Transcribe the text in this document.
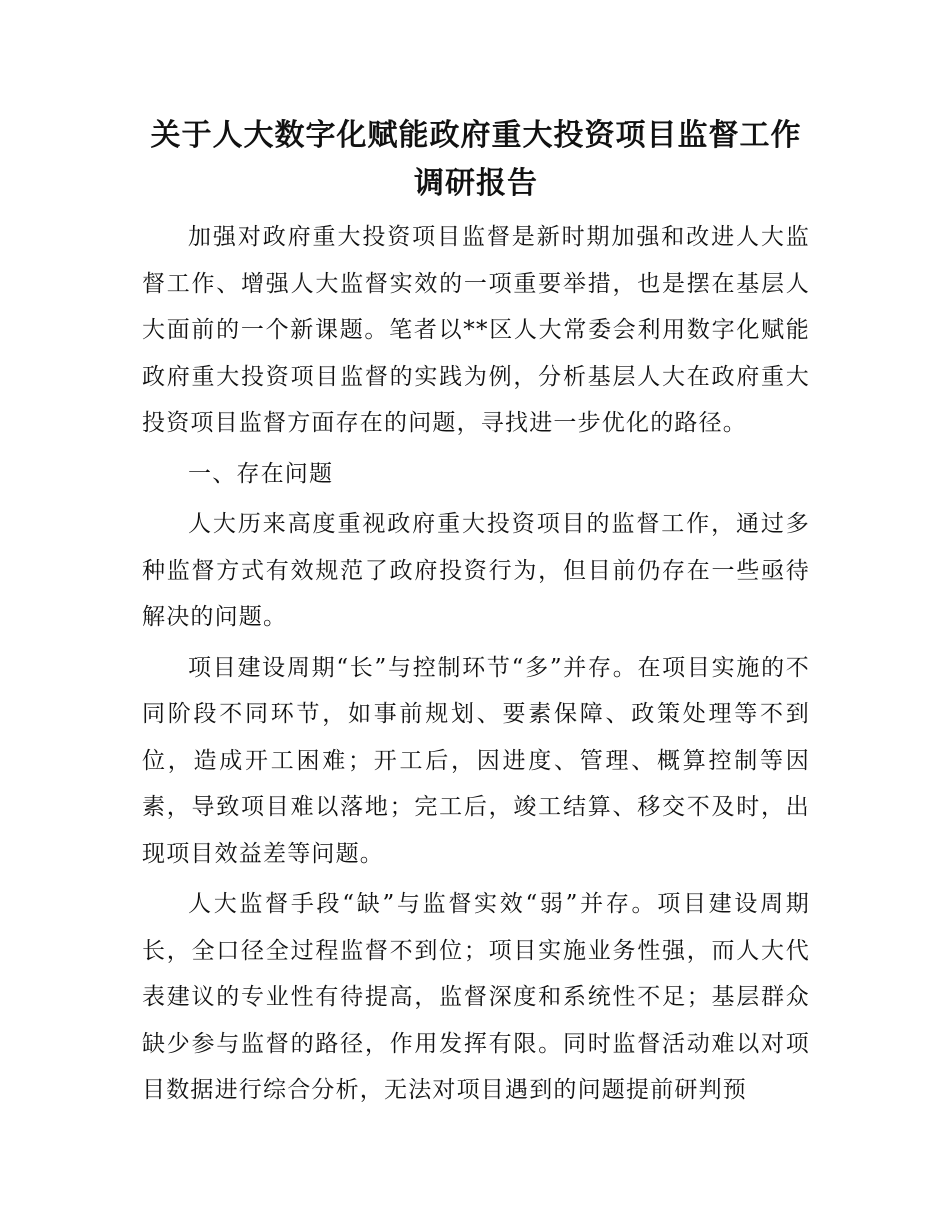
关于人大数字化赋能政府重大投资项目监督工作调研报告

加强对政府重大投资项目监督是新时期加强和改进人大监督工作、增强人大监督实效的一项重要举措，也是摆在基层人大面前的一个新课题。笔者以**区人大常委会利用数字化赋能政府重大投资项目监督的实践为例，分析基层人大在政府重大投资项目监督方面存在的问题，寻找进一步优化的路径。

一、存在问题

人大历来高度重视政府重大投资项目的监督工作，通过多种监督方式有效规范了政府投资行为，但目前仍存在一些亟待解决的问题。

项目建设周期“长”与控制环节“多”并存。在项目实施的不同阶段不同环节，如事前规划、要素保障、政策处理等不到位，造成开工困难；开工后，因进度、管理、概算控制等因素，导致项目难以落地；完工后，竣工结算、移交不及时，出现项目效益差等问题。

人大监督手段“缺”与监督实效“弱”并存。项目建设周期长，全口径全过程监督不到位；项目实施业务性强，而人大代表建议的专业性有待提高，监督深度和系统性不足；基层群众缺少参与监督的路径，作用发挥有限。同时监督活动难以对项目数据进行综合分析，无法对项目遇到的问题提前研判预
